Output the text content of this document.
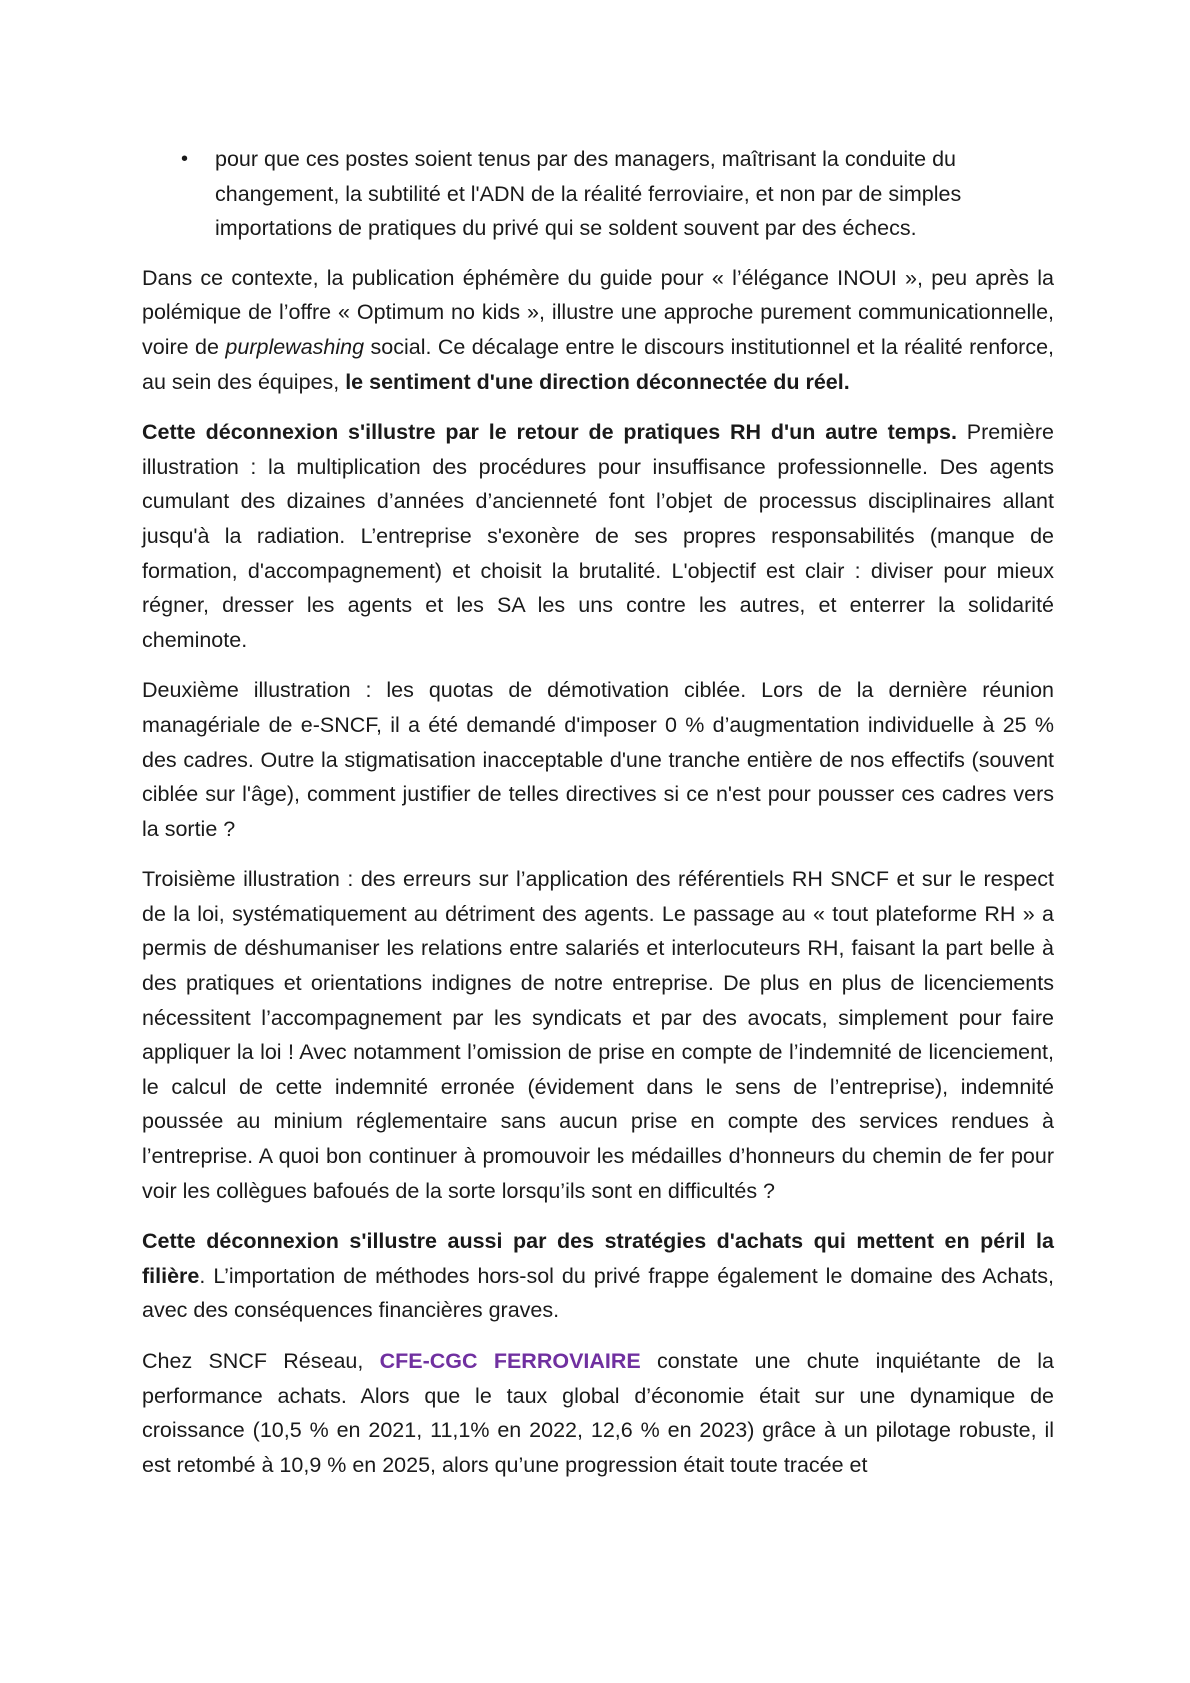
• pour que ces postes soient tenus par des managers, maîtrisant la conduite du changement, la subtilité et l'ADN de la réalité ferroviaire, et non par de simples importations de pratiques du privé qui se soldent souvent par des échecs.

Dans ce contexte, la publication éphémère du guide pour « l’élégance INOUI », peu après la polémique de l’offre « Optimum no kids », illustre une approche purement communicationnelle, voire de purplewashing social. Ce décalage entre le discours institutionnel et la réalité renforce, au sein des équipes, le sentiment d'une direction déconnectée du réel.

Cette déconnexion s'illustre par le retour de pratiques RH d'un autre temps. Première illustration : la multiplication des procédures pour insuffisance professionnelle. Des agents cumulant des dizaines d’années d’ancienneté font l’objet de processus disciplinaires allant jusqu'à la radiation. L’entreprise s'exonère de ses propres responsabilités (manque de formation, d'accompagnement) et choisit la brutalité. L'objectif est clair : diviser pour mieux régner, dresser les agents et les SA les uns contre les autres, et enterrer la solidarité cheminote.

Deuxième illustration : les quotas de démotivation ciblée. Lors de la dernière réunion managériale de e-SNCF, il a été demandé d'imposer 0 % d’augmentation individuelle à 25 % des cadres. Outre la stigmatisation inacceptable d'une tranche entière de nos effectifs (souvent ciblée sur l'âge), comment justifier de telles directives si ce n'est pour pousser ces cadres vers la sortie ?

Troisième illustration : des erreurs sur l’application des référentiels RH SNCF et sur le respect de la loi, systématiquement au détriment des agents. Le passage au « tout plateforme RH » a permis de déshumaniser les relations entre salariés et interlocuteurs RH, faisant la part belle à des pratiques et orientations indignes de notre entreprise. De plus en plus de licenciements nécessitent l’accompagnement par les syndicats et par des avocats, simplement pour faire appliquer la loi ! Avec notamment l’omission de prise en compte de l’indemnité de licenciement, le calcul de cette indemnité erronée (évidement dans le sens de l’entreprise), indemnité poussée au minium réglementaire sans aucun prise en compte des services rendues à l’entreprise. A quoi bon continuer à promouvoir les médailles d’honneurs du chemin de fer pour voir les collègues bafoués de la sorte lorsqu’ils sont en difficultés ?

Cette déconnexion s'illustre aussi par des stratégies d'achats qui mettent en péril la filière. L’importation de méthodes hors-sol du privé frappe également le domaine des Achats, avec des conséquences financières graves.

Chez SNCF Réseau, CFE-CGC FERROVIAIRE constate une chute inquiétante de la performance achats. Alors que le taux global d’économie était sur une dynamique de croissance (10,5 % en 2021, 11,1% en 2022, 12,6 % en 2023) grâce à un pilotage robuste, il est retombé à 10,9 % en 2025, alors qu’une progression était toute tracée et
